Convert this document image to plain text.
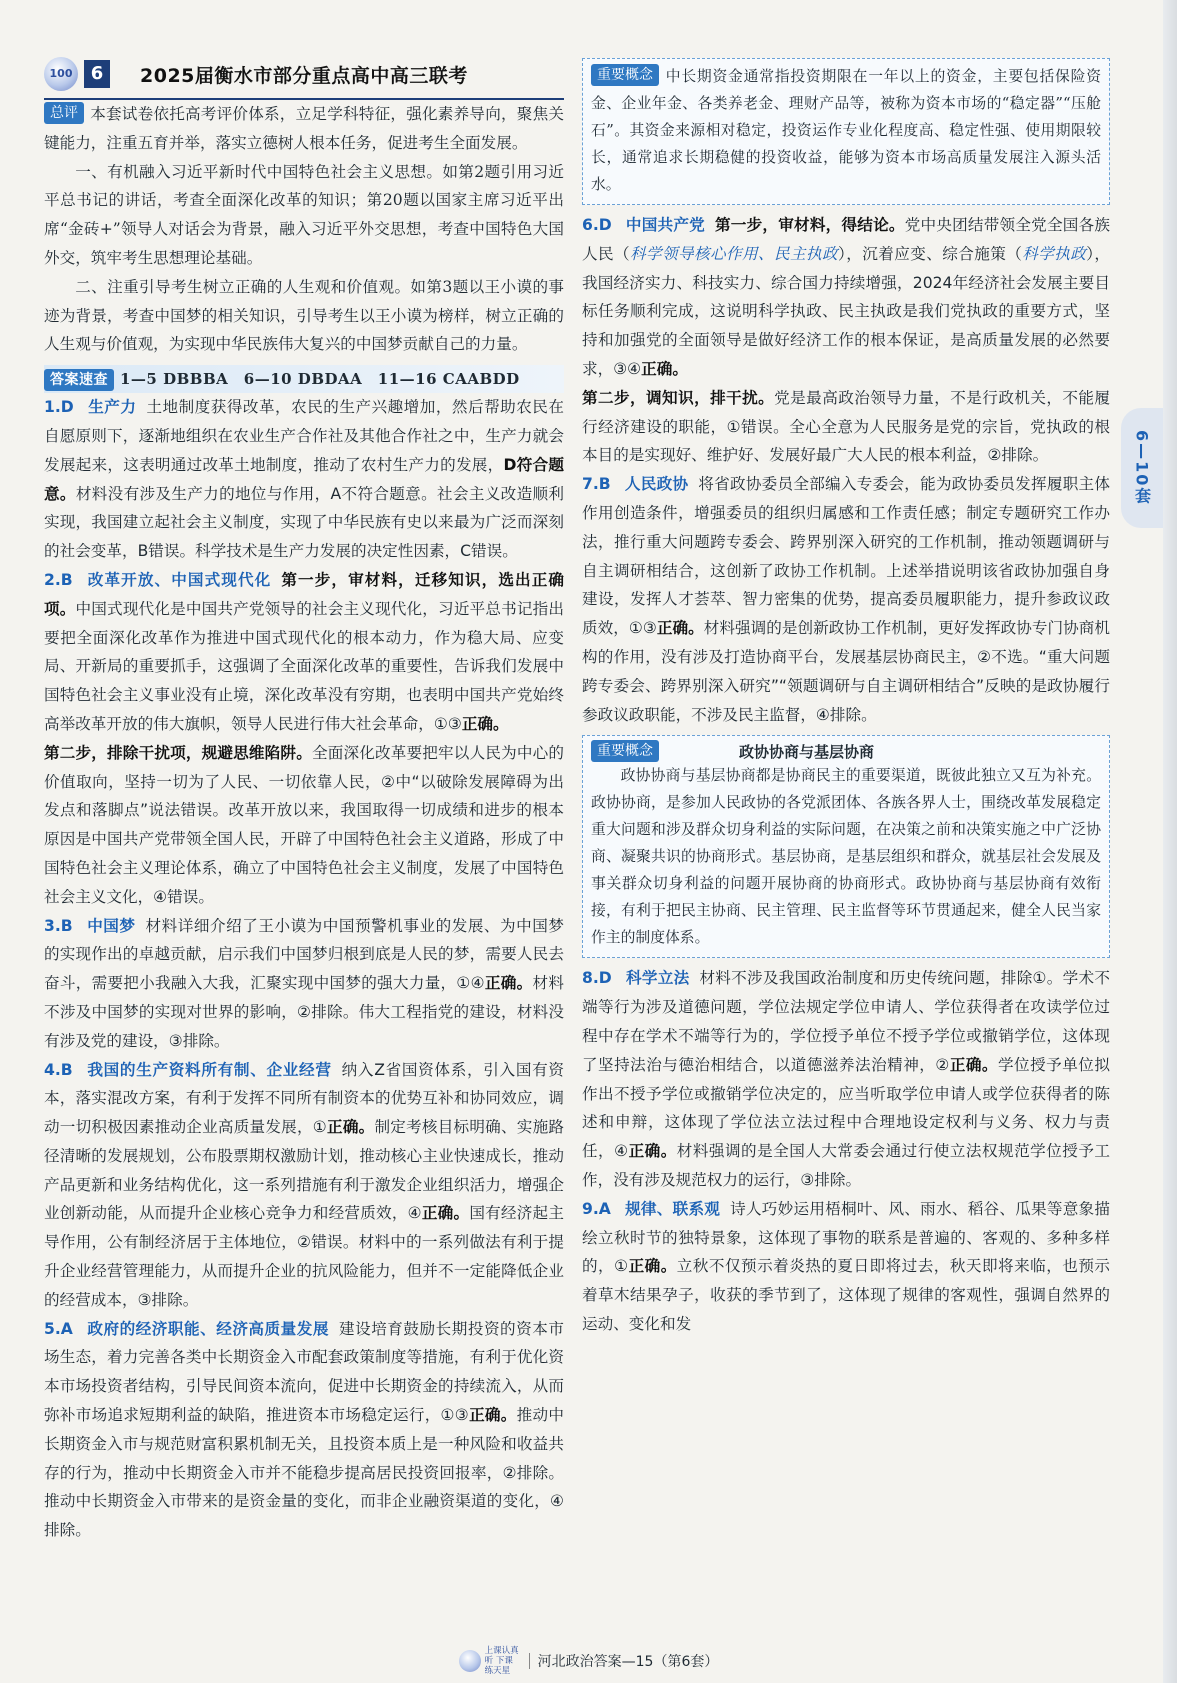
100	6	2025届衡水市部分重点高中高三联考

总评 本套试卷依托高考评价体系，立足学科特征，强化素养导向，聚焦关键能力，注重五育并举，落实立德树人根本任务，促进考生全面发展。

一、有机融入习近平新时代中国特色社会主义思想。如第2题引用习近平总书记的讲话，考查全面深化改革的知识；第20题以国家主席习近平出席“金砖+”领导人对话会为背景，融入习近平外交思想，考查中国特色大国外交，筑牢考生思想理论基础。

二、注重引导考生树立正确的人生观和价值观。如第3题以王小谟的事迹为背景，考查中国梦的相关知识，引导考生以王小谟为榜样，树立正确的人生观与价值观，为实现中华民族伟大复兴的中国梦贡献自己的力量。

答案速查 1—5 DBBBA　6—10 DBDAA　11—16 CAABDD

1.D 生产力 土地制度获得改革，农民的生产兴趣增加，然后帮助农民在自愿原则下，逐渐地组织在农业生产合作社及其他合作社之中，生产力就会发展起来，这表明通过改革土地制度，推动了农村生产力的发展，D符合题意。材料没有涉及生产力的地位与作用，A不符合题意。社会主义改造顺利实现，我国建立起社会主义制度，实现了中华民族有史以来最为广泛而深刻的社会变革，B错误。科学技术是生产力发展的决定性因素，C错误。

2.B 改革开放、中国式现代化 第一步，审材料，迁移知识，选出正确项。中国式现代化是中国共产党领导的社会主义现代化，习近平总书记指出要把全面深化改革作为推进中国式现代化的根本动力，作为稳大局、应变局、开新局的重要抓手，这强调了全面深化改革的重要性，告诉我们发展中国特色社会主义事业没有止境，深化改革没有穷期，也表明中国共产党始终高举改革开放的伟大旗帜，领导人民进行伟大社会革命，①③正确。
第二步，排除干扰项，规避思维陷阱。全面深化改革要把牢以人民为中心的价值取向，坚持一切为了人民、一切依靠人民，②中“以破除发展障碍为出发点和落脚点”说法错误。改革开放以来，我国取得一切成绩和进步的根本原因是中国共产党带领全国人民，开辟了中国特色社会主义道路，形成了中国特色社会主义理论体系，确立了中国特色社会主义制度，发展了中国特色社会主义文化，④错误。

3.B 中国梦 材料详细介绍了王小谟为中国预警机事业的发展、为中国梦的实现作出的卓越贡献，启示我们中国梦归根到底是人民的梦，需要人民去奋斗，需要把小我融入大我，汇聚实现中国梦的强大力量，①④正确。材料不涉及中国梦的实现对世界的影响，②排除。伟大工程指党的建设，材料没有涉及党的建设，③排除。

4.B 我国的生产资料所有制、企业经营 纳入Z省国资体系，引入国有资本，落实混改方案，有利于发挥不同所有制资本的优势互补和协同效应，调动一切积极因素推动企业高质量发展，①正确。制定考核目标明确、实施路径清晰的发展规划，公布股票期权激励计划，推动核心主业快速成长，推动产品更新和业务结构优化，这一系列措施有利于激发企业组织活力，增强企业创新动能，从而提升企业核心竞争力和经营质效，④正确。国有经济起主导作用，公有制经济居于主体地位，②错误。材料中的一系列做法有利于提升企业经营管理能力，从而提升企业的抗风险能力，但并不一定能降低企业的经营成本，③排除。

5.A 政府的经济职能、经济高质量发展 建设培育鼓励长期投资的资本市场生态，着力完善各类中长期资金入市配套政策制度等措施，有利于优化资本市场投资者结构，引导民间资本流向，促进中长期资金的持续流入，从而弥补市场追求短期利益的缺陷，推进资本市场稳定运行，①③正确。推动中长期资金入市与规范财富积累机制无关，且投资本质上是一种风险和收益共存的行为，推动中长期资金入市并不能稳步提高居民投资回报率，②排除。推动中长期资金入市带来的是资金量的变化，而非企业融资渠道的变化，④排除。

重要概念 中长期资金通常指投资期限在一年以上的资金，主要包括保险资金、企业年金、各类养老金、理财产品等，被称为资本市场的“稳定器”“压舱石”。其资金来源相对稳定，投资运作专业化程度高、稳定性强、使用期限较长，通常追求长期稳健的投资收益，能够为资本市场高质量发展注入源头活水。

6.D 中国共产党 第一步，审材料，得结论。党中央团结带领全党全国各族人民（科学领导核心作用、民主执政），沉着应变、综合施策（科学执政），我国经济实力、科技实力、综合国力持续增强，2024年经济社会发展主要目标任务顺利完成，这说明科学执政、民主执政是我们党执政的重要方式，坚持和加强党的全面领导是做好经济工作的根本保证，是高质量发展的必然要求，③④正确。
第二步，调知识，排干扰。党是最高政治领导力量，不是行政机关，不能履行经济建设的职能，①错误。全心全意为人民服务是党的宗旨，党执政的根本目的是实现好、维护好、发展好最广大人民的根本利益，②排除。

7.B 人民政协 将省政协委员全部编入专委会，能为政协委员发挥履职主体作用创造条件，增强委员的组织归属感和工作责任感；制定专题研究工作办法，推行重大问题跨专委会、跨界别深入研究的工作机制，推动领题调研与自主调研相结合，这创新了政协工作机制。上述举措说明该省政协加强自身建设，发挥人才荟萃、智力密集的优势，提高委员履职能力，提升参政议政质效，①③正确。材料强调的是创新政协工作机制，更好发挥政协专门协商机构的作用，没有涉及打造协商平台，发展基层协商民主，②不选。“重大问题跨专委会、跨界别深入研究”“领题调研与自主调研相结合”反映的是政协履行参政议政职能，不涉及民主监督，④排除。

重要概念	政协协商与基层协商

政协协商与基层协商都是协商民主的重要渠道，既彼此独立又互为补充。政协协商，是参加人民政协的各党派团体、各族各界人士，围绕改革发展稳定重大问题和涉及群众切身利益的实际问题，在决策之前和决策实施之中广泛协商、凝聚共识的协商形式。基层协商，是基层组织和群众，就基层社会发展及事关群众切身利益的问题开展协商的协商形式。政协协商与基层协商有效衔接，有利于把民主协商、民主管理、民主监督等环节贯通起来，健全人民当家作主的制度体系。

8.D 科学立法 材料不涉及我国政治制度和历史传统问题，排除①。学术不端等行为涉及道德问题，学位法规定学位申请人、学位获得者在攻读学位过程中存在学术不端等行为的，学位授予单位不授予学位或撤销学位，这体现了坚持法治与德治相结合，以道德滋养法治精神，②正确。学位授予单位拟作出不授予学位或撤销学位决定的，应当听取学位申请人或学位获得者的陈述和申辩，这体现了学位法立法过程中合理地设定权利与义务、权力与责任，④正确。材料强调的是全国人大常委会通过行使立法权规范学位授予工作，没有涉及规范权力的运行，③排除。

9.A 规律、联系观 诗人巧妙运用梧桐叶、风、雨水、稻谷、瓜果等意象描绘立秋时节的独特景象，这体现了事物的联系是普遍的、客观的、多种多样的，①正确。立秋不仅预示着炎热的夏日即将过去，秋天即将来临，也预示着草木结果孕子，收获的季节到了，这体现了规律的客观性，强调自然界的运动、变化和发

6—10套
上课认真听 下课练天星
河北政治答案—15（第6套）
